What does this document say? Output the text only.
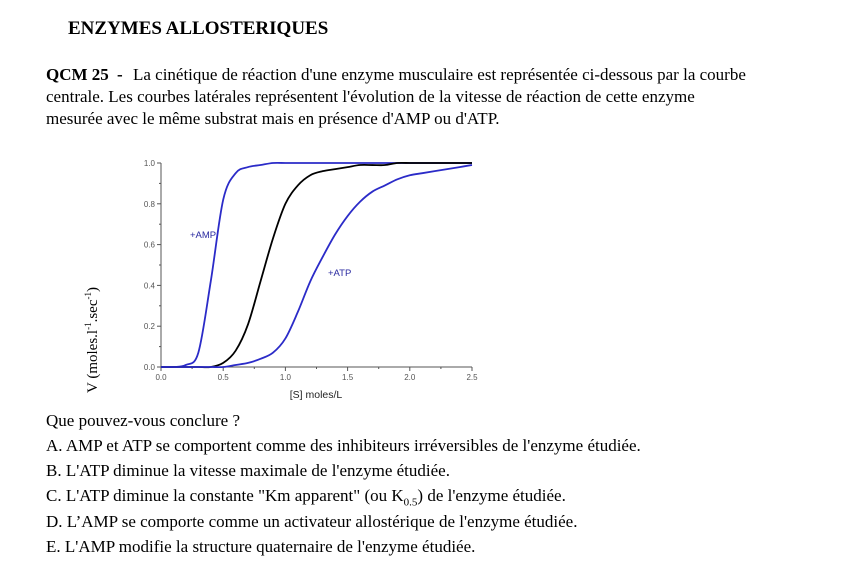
ENZYMES ALLOSTERIQUES
QCM 25 - La cinétique de réaction d'une enzyme musculaire est représentée ci-dessous par la courbe
centrale. Les courbes latérales représentent l'évolution de la vitesse de réaction de cette enzyme
mesurée avec le même substrat mais en présence d'AMP ou d'ATP.
V $(moles.l^{-1}.\sec^{-1})$
0.0	0.5	1.0	1.5	2.0	2.5
0.0
0.2
0.4
0.6
0.8
1.0
+AMP
+ATP
[S] moles/L
Que pouvez-vous conclure ?
A. AMP et ATP se comportent comme des inhibiteurs irréversibles de l'enzyme étudiée.
B. L'ATP diminue la vitesse maximale de l'enzyme étudiée.
C. L'ATP diminue la constante "Km apparent" (ou $K_{0.5}$) de l'enzyme étudiée.
D. L’AMP se comporte comme un activateur allostérique de l'enzyme étudiée.
E. L'AMP modifie la structure quaternaire de l'enzyme étudiée.
